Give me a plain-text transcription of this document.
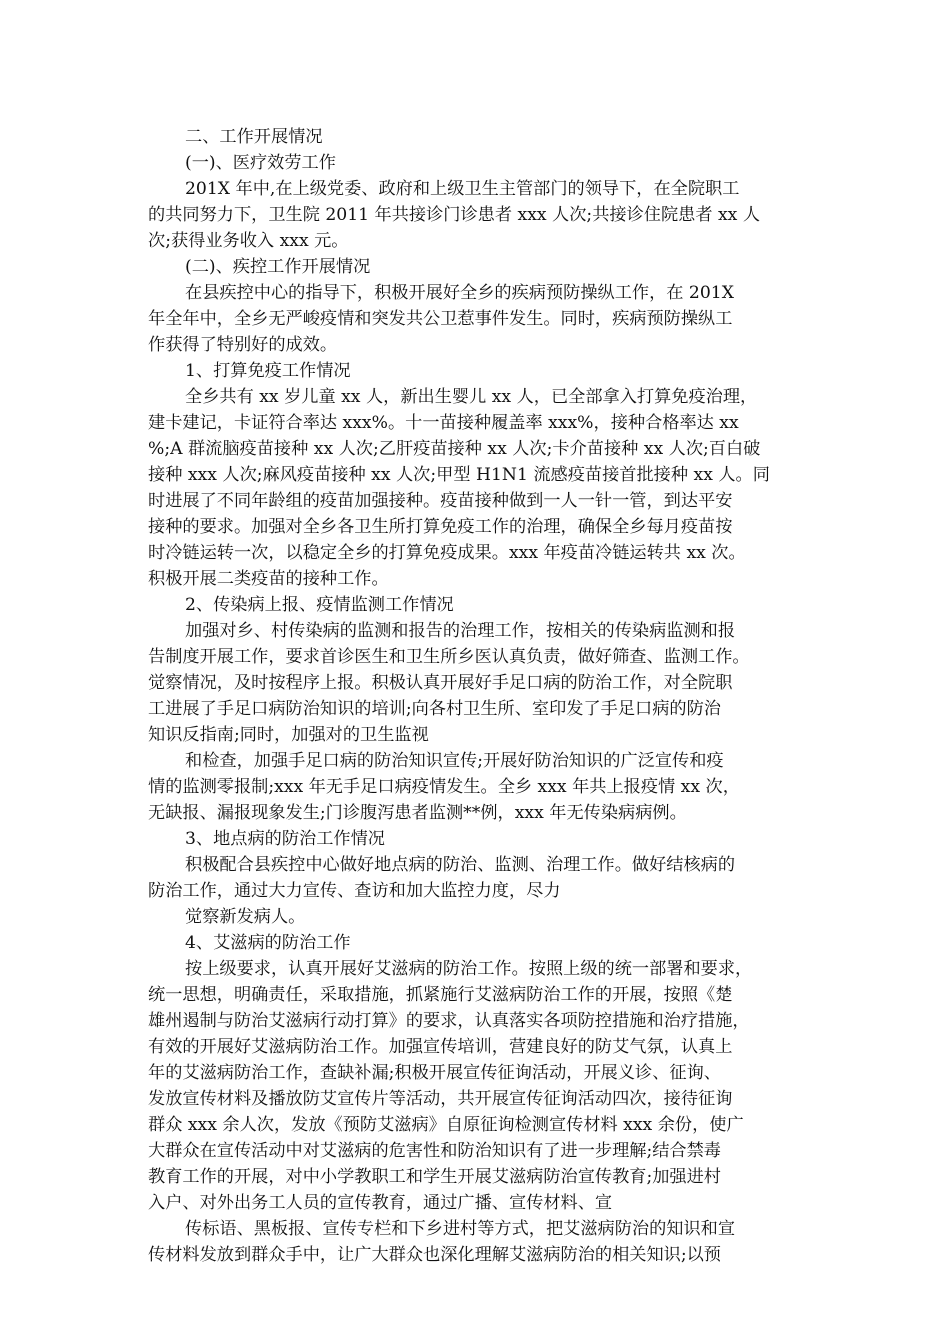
二、工作开展情况
(一)、医疗效劳工作
201X 年中,在上级党委、政府和上级卫生主管部门的领导下，在全院职工
的共同努力下，卫生院 2011 年共接诊门诊患者 xxx 人次;共接诊住院患者 xx 人
次;获得业务收入 xxx 元。
(二)、疾控工作开展情况
在县疾控中心的指导下，积极开展好全乡的疾病预防操纵工作，在 201X
年全年中，全乡无严峻疫情和突发共公卫惹事件发生。同时，疾病预防操纵工
作获得了特别好的成效。
1、打算免疫工作情况
全乡共有 xx 岁儿童 xx 人，新出生婴儿 xx 人，已全部拿入打算免疫治理，
建卡建记，卡证符合率达 xxx%。十一苗接种履盖率 xxx%，接种合格率达 xx
%;A 群流脑疫苗接种 xx 人次;乙肝疫苗接种 xx 人次;卡介苗接种 xx 人次;百白破
接种 xxx 人次;麻风疫苗接种 xx 人次;甲型 H1N1 流感疫苗接首批接种 xx 人。同
时进展了不同年龄组的疫苗加强接种。疫苗接种做到一人一针一管，到达平安
接种的要求。加强对全乡各卫生所打算免疫工作的治理，确保全乡每月疫苗按
时冷链运转一次，以稳定全乡的打算免疫成果。xxx 年疫苗冷链运转共 xx 次。
积极开展二类疫苗的接种工作。
2、传染病上报、疫情监测工作情况
加强对乡、村传染病的监测和报告的治理工作，按相关的传染病监测和报
告制度开展工作，要求首诊医生和卫生所乡医认真负责，做好筛查、监测工作。
觉察情况，及时按程序上报。积极认真开展好手足口病的防治工作，对全院职
工进展了手足口病防治知识的培训;向各村卫生所、室印发了手足口病的防治
知识反指南;同时，加强对的卫生监视
和检查，加强手足口病的防治知识宣传;开展好防治知识的广泛宣传和疫
情的监测零报制;xxx 年无手足口病疫情发生。全乡 xxx 年共上报疫情 xx 次，
无缺报、漏报现象发生;门诊腹泻患者监测**例，xxx 年无传染病病例。
3、地点病的防治工作情况
积极配合县疾控中心做好地点病的防治、监测、治理工作。做好结核病的
防治工作，通过大力宣传、查访和加大监控力度，尽力
觉察新发病人。
4、艾滋病的防治工作
按上级要求，认真开展好艾滋病的防治工作。按照上级的统一部署和要求，
统一思想，明确责任，采取措施，抓紧施行艾滋病防治工作的开展，按照《楚
雄州遏制与防治艾滋病行动打算》的要求，认真落实各项防控措施和治疗措施，
有效的开展好艾滋病防治工作。加强宣传培训，营建良好的防艾气氛，认真上
年的艾滋病防治工作，查缺补漏;积极开展宣传征询活动，开展义诊、征询、
发放宣传材料及播放防艾宣传片等活动，共开展宣传征询活动四次，接待征询
群众 xxx 余人次，发放《预防艾滋病》自原征询检测宣传材料 xxx 余份，使广
大群众在宣传活动中对艾滋病的危害性和防治知识有了进一步理解;结合禁毒
教育工作的开展，对中小学教职工和学生开展艾滋病防治宣传教育;加强进村
入户、对外出务工人员的宣传教育，通过广播、宣传材料、宣
传标语、黑板报、宣传专栏和下乡进村等方式，把艾滋病防治的知识和宣
传材料发放到群众手中，让广大群众也深化理解艾滋病防治的相关知识;以预
